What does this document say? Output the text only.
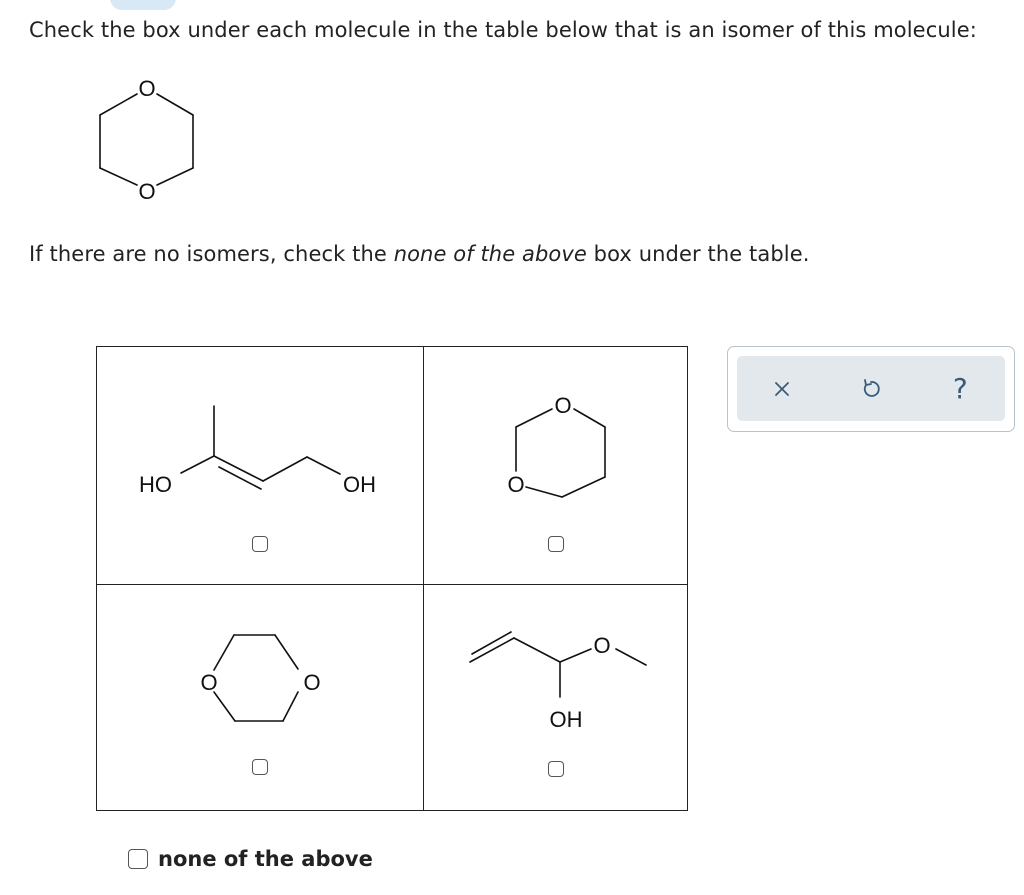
Check the box under each molecule in the table below that is an isomer of this molecule:
O
O
If there are no isomers, check the none of the above box under the table.
HO OH	O
O

O O	O
OH
none of the above
?
